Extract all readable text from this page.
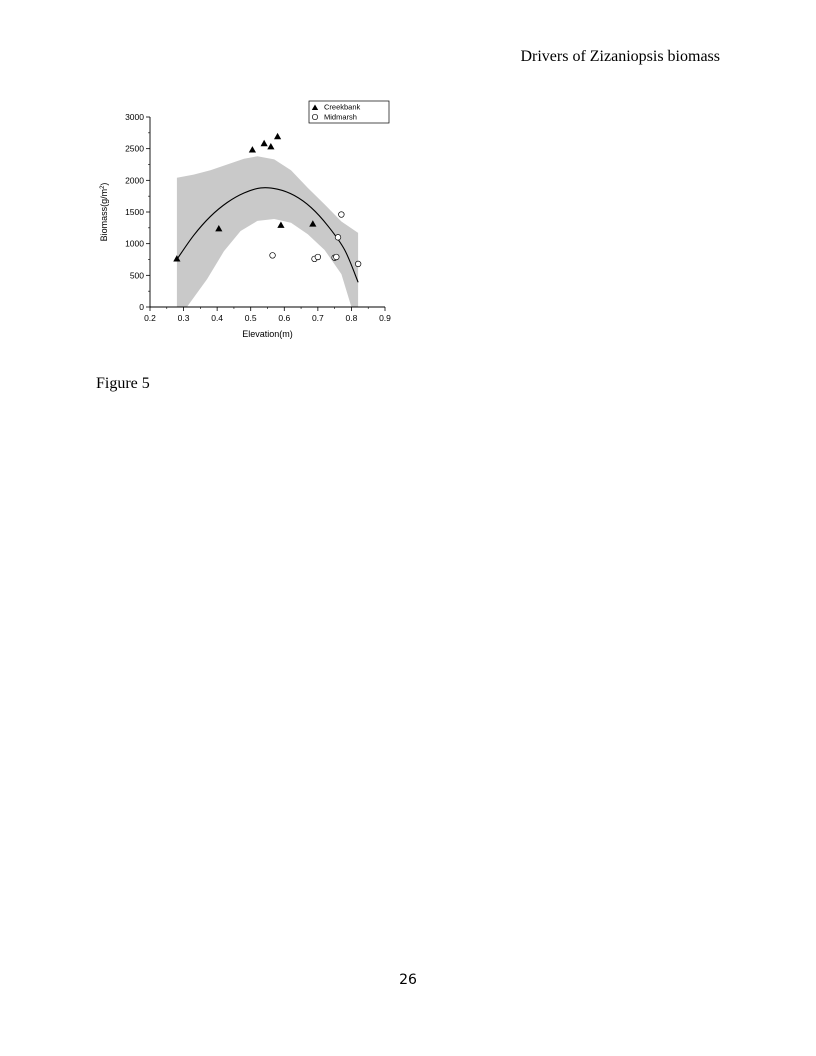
Drivers of Zizaniopsis biomass
0.2	0.3	0.4	0.5	0.6	0.7	0.8	0.9
0
500
1000
1500
2000
2500
3000
Elevation(m)
$Biomass(g/m^2)$
Creekbank
Midmarsh
Figure 5
26
